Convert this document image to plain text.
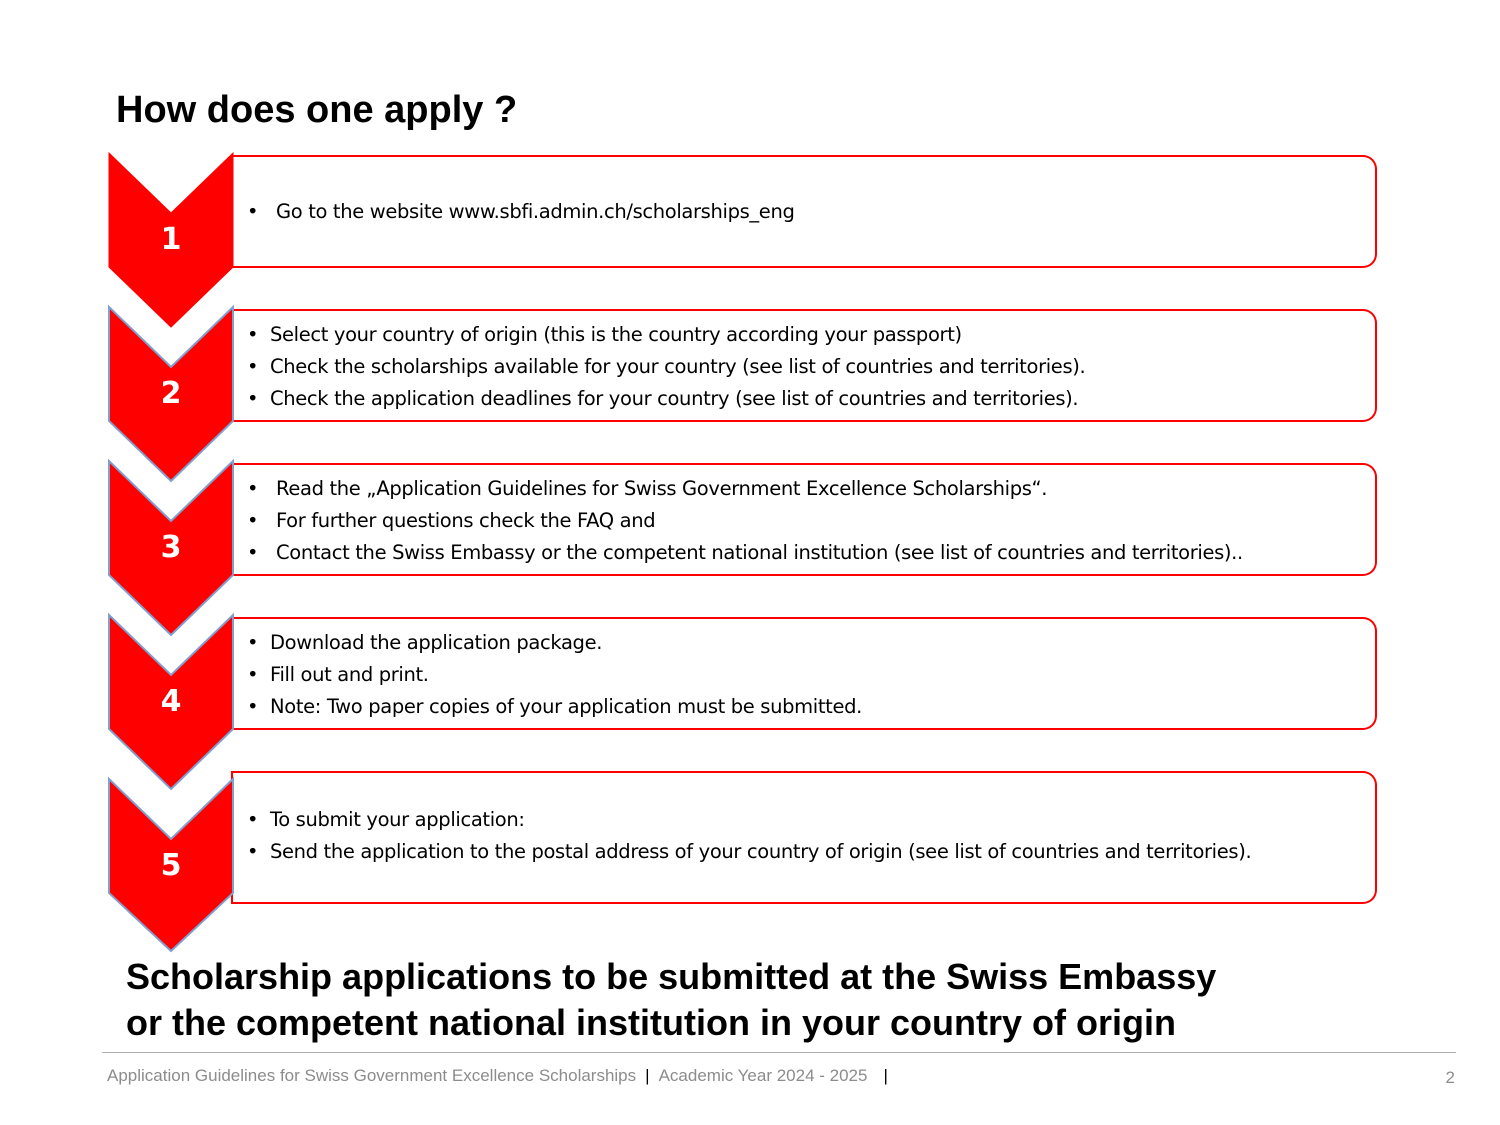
How does one apply ?
• Go to the website www.sbfi.admin.ch/scholarships_eng
1
• Select your country of origin (this is the country according your passport)
• Check the scholarships available for your country (see list of countries and territories).
• Check the application deadlines for your country (see list of countries and territories).
2
• Read the „Application Guidelines for Swiss Government Excellence Scholarships“.
• For further questions check the FAQ and
• Contact the Swiss Embassy or the competent national institution (see list of countries and territories)..
3
• Download the application package.
• Fill out and print.
• Note: Two paper copies of your application must be submitted.
4
• To submit your application:
• Send the application to the postal address of your country of origin (see list of countries and territories).
5

Scholarship applications to be submitted at the Swiss Embassy
or the competent national institution in your country of origin

Application Guidelines for Swiss Government Excellence Scholarships | Academic Year 2024 - 2025 |	2
